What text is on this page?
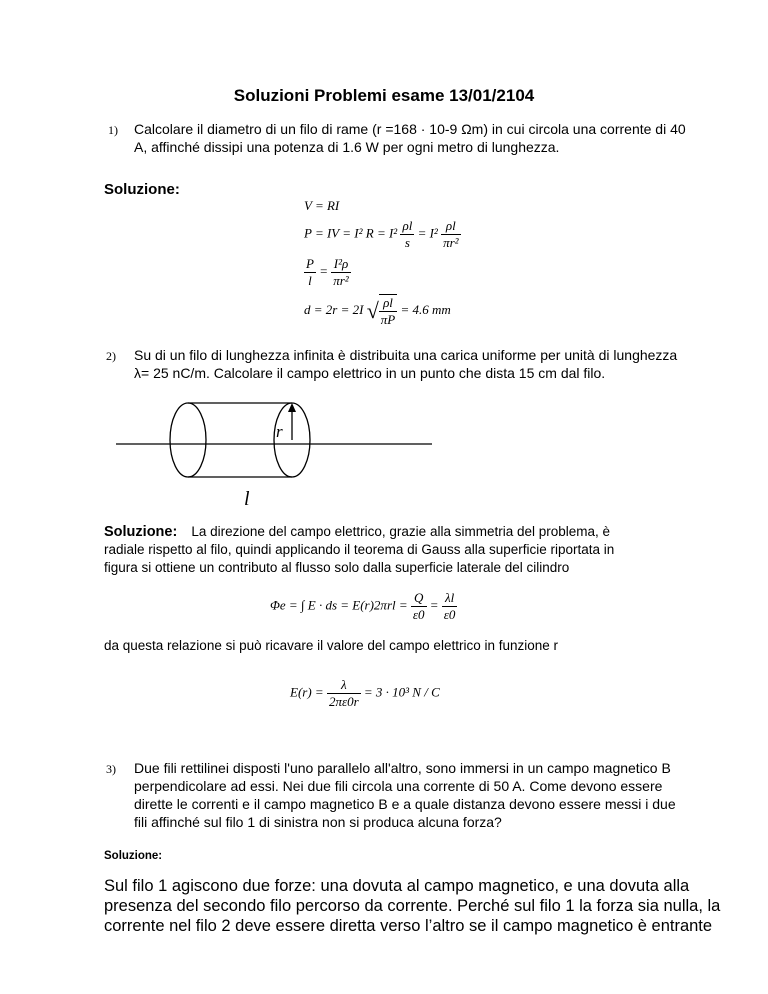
Soluzioni Problemi esame 13/01/2104
1) Calcolare il diametro di un filo di rame (r =168 · 10-9 Ωm) in cui circola una corrente di 40
A, affinché dissipi una potenza di 1.6 W per ogni metro di lunghezza.
Soluzione:
V = RI
P = IV = I² $R = I^2 \frac{\rho l}{s} = I^2 \frac{\rho l}{\text{πr²}}$
$\frac{P}{l} = \frac{\text{I²ρ}}{\text{πr²}}$
d = 2r = 2I √ $\frac{\rho l}{\pi P} = 4.6$ mm
2) Su di un filo di lunghezza infinita è distribuita una carica uniforme per unità di lunghezza
λ= 25 nC/m. Calcolare il campo elettrico in un punto che dista 15 cm dal filo.
r
l
Soluzione: La direzione del campo elettrico, grazie alla simmetria del problema, è
radiale rispetto al filo, quindi applicando il teorema di Gauss alla superficie riportata in
figura si ottiene un contributo al flusso solo dalla superficie laterale del cilindro
Φe = ∫ E · ds = $E(r)2\pi rl = \frac{Q}{\varepsilon 0} = \frac{\lambda l}{\varepsilon 0}$
da questa relazione si può ricavare il valore del campo elettrico in funzione r
$E(r) = \frac{\lambda}{2\pi\varepsilon 0r} = 3 \cdot 10^3$ N / C
3) Due fili rettilinei disposti l'uno parallelo all'altro, sono immersi in un campo magnetico B
perpendicolare ad essi. Nei due fili circola una corrente di 50 A. Come devono essere
dirette le correnti e il campo magnetico B e a quale distanza devono essere messi i due
fili affinché sul filo 1 di sinistra non si produca alcuna forza?
Soluzione:
Sul filo 1 agiscono due forze: una dovuta al campo magnetico, e una dovuta alla
presenza del secondo filo percorso da corrente. Perché sul filo 1 la forza sia nulla, la
corrente nel filo 2 deve essere diretta verso l’altro se il campo magnetico è entrante
